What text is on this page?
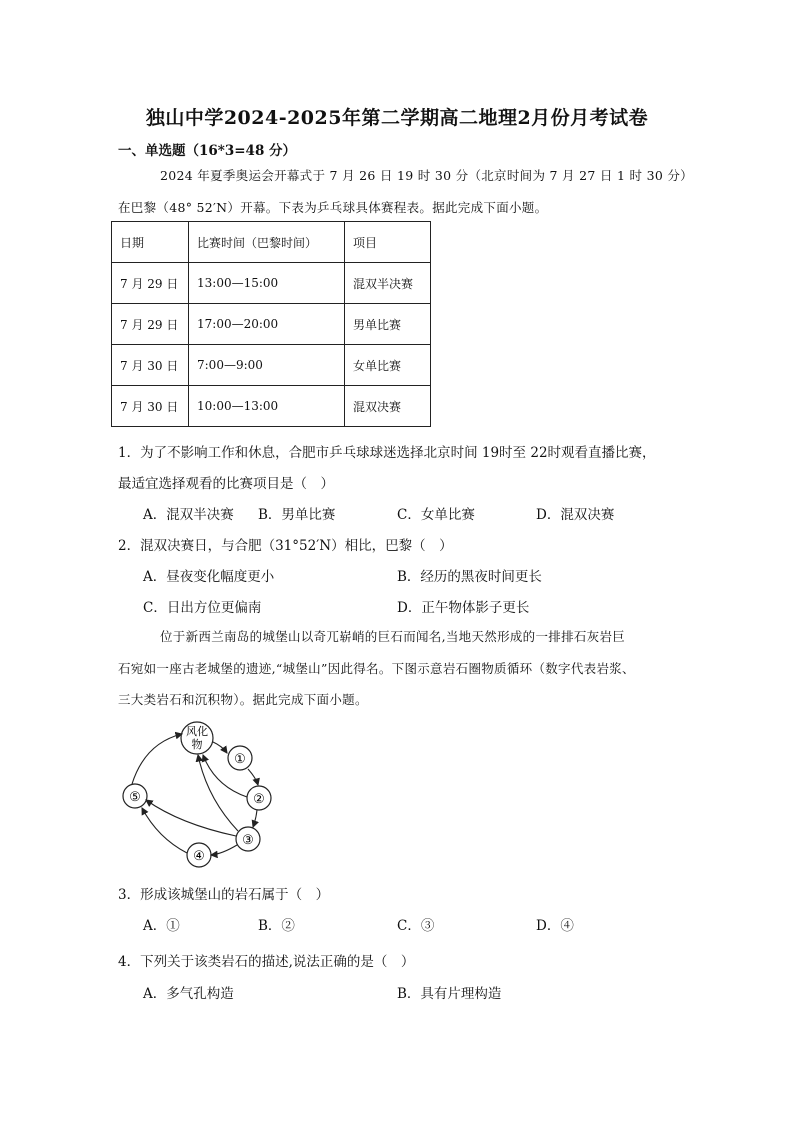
独山中学2024-2025年第二学期高二地理2月份月考试卷
一、单选题（16*3=48 分）
2024 年夏季奥运会开幕式于 7 月 26 日 19 时 30 分（北京时间为 7 月 27 日 1 时 30 分）
在巴黎（48° 52′N）开幕。下表为乒乓球具体赛程表。据此完成下面小题。
日期	比赛时间（巴黎时间）	项目
7 月 29 日	13:00—15:00	混双半决赛
7 月 29 日	17:00—20:00	男单比赛
7 月 30 日	7:00—9:00	女单比赛
7 月 30 日	10:00—13:00	混双决赛
1．为了不影响工作和休息，合肥市乒乓球球迷选择北京时间 19时至 22时观看直播比赛，
最适宜选择观看的比赛项目是（　）
A．混双半决赛 B．男单比赛	C．女单比赛	D．混双决赛
2．混双决赛日，与合肥（31°52′N）相比，巴黎（　）
A．昼夜变化幅度更小	B．经历的黑夜时间更长
C．日出方位更偏南	D．正午物体影子更长
位于新西兰南岛的城堡山以奇兀崭峭的巨石而闻名,当地天然形成的一排排石灰岩巨
石宛如一座古老城堡的遗迹,“城堡山”因此得名。下图示意岩石圈物质循环（数字代表岩浆、
三大类岩石和沉积物）。据此完成下面小题。
风化
物
①
②
③
④
⑤
3．形成该城堡山的岩石属于（　）
A．①	B．②	C．③	D．④
4．下列关于该类岩石的描述,说法正确的是（　）
A．多气孔构造	B．具有片理构造
